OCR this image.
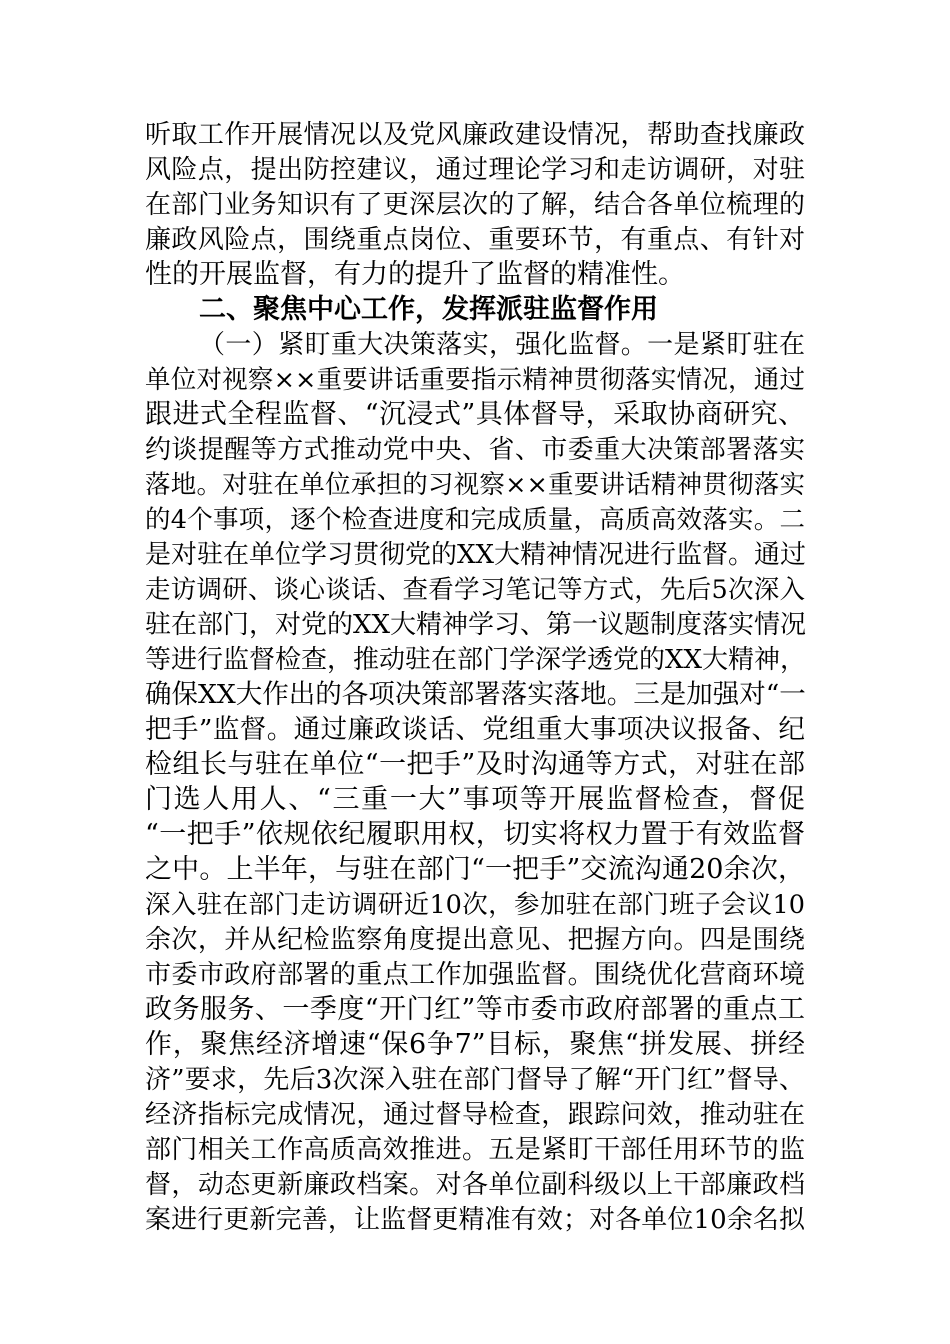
听取工作开展情况以及党风廉政建设情况，帮助查找廉政
风险点，提出防控建议，通过理论学习和走访调研，对驻
在部门业务知识有了更深层次的了解，结合各单位梳理的
廉政风险点，围绕重点岗位、重要环节，有重点、有针对
性的开展监督，有力的提升了监督的精准性。
二、聚焦中心工作，发挥派驻监督作用
（一）紧盯重大决策落实，强化监督。一是紧盯驻在
单位对视察××重要讲话重要指示精神贯彻落实情况，通过
跟进式全程监督、“沉浸式”具体督导，采取协商研究、
约谈提醒等方式推动党中央、省、市委重大决策部署落实
落地。对驻在单位承担的习视察××重要讲话精神贯彻落实
的4个事项，逐个检查进度和完成质量，高质高效落实。二
是对驻在单位学习贯彻党的XX大精神情况进行监督。通过
走访调研、谈心谈话、查看学习笔记等方式，先后5次深入
驻在部门，对党的XX大精神学习、第一议题制度落实情况
等进行监督检查，推动驻在部门学深学透党的XX大精神，
确保XX大作出的各项决策部署落实落地。三是加强对“一
把手”监督。通过廉政谈话、党组重大事项决议报备、纪
检组长与驻在单位“一把手”及时沟通等方式，对驻在部
门选人用人、“三重一大”事项等开展监督检查，督促
“一把手”依规依纪履职用权，切实将权力置于有效监督
之中。上半年，与驻在部门“一把手”交流沟通20余次，
深入驻在部门走访调研近10次，参加驻在部门班子会议10
余次，并从纪检监察角度提出意见、把握方向。四是围绕
市委市政府部署的重点工作加强监督。围绕优化营商环境
政务服务、一季度“开门红”等市委市政府部署的重点工
作，聚焦经济增速“保6争7”目标，聚焦“拼发展、拼经
济”要求，先后3次深入驻在部门督导了解“开门红”督导、
经济指标完成情况，通过督导检查，跟踪问效，推动驻在
部门相关工作高质高效推进。五是紧盯干部任用环节的监
督，动态更新廉政档案。对各单位副科级以上干部廉政档
案进行更新完善，让监督更精准有效；对各单位10余名拟
